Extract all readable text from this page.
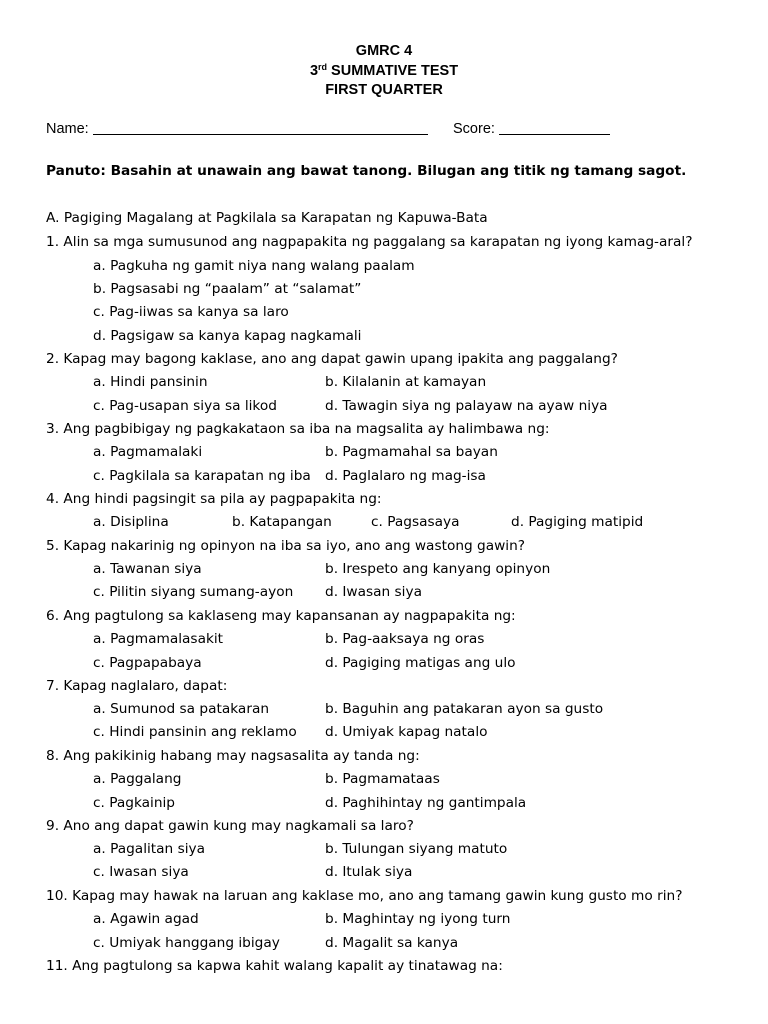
GMRC 4
3rd SUMMATIVE TEST
FIRST QUARTER
Name:	Score:
Panuto: Basahin at unawain ang bawat tanong. Bilugan ang titik ng tamang sagot.
A. Pagiging Magalang at Pagkilala sa Karapatan ng Kapuwa-Bata
1. Alin sa mga sumusunod ang nagpapakita ng paggalang sa karapatan ng iyong kamag-aral?
a. Pagkuha ng gamit niya nang walang paalam
b. Pagsasabi ng “paalam” at “salamat”
c. Pag-iiwas sa kanya sa laro
d. Pagsigaw sa kanya kapag nagkamali
2. Kapag may bagong kaklase, ano ang dapat gawin upang ipakita ang paggalang?
a. Hindi pansinin	b. Kilalanin at kamayan
c. Pag-usapan siya sa likod	d. Tawagin siya ng palayaw na ayaw niya
3. Ang pagbibigay ng pagkakataon sa iba na magsalita ay halimbawa ng:
a. Pagmamalaki	b. Pagmamahal sa bayan
c. Pagkilala sa karapatan ng iba d. Paglalaro ng mag-isa
4. Ang hindi pagsingit sa pila ay pagpapakita ng:
a. Disiplina	b. Katapangan	c. Pagsasaya	d. Pagiging matipid
5. Kapag nakarinig ng opinyon na iba sa iyo, ano ang wastong gawin?
a. Tawanan siya	b. Irespeto ang kanyang opinyon
c. Pilitin siyang sumang-ayon d. Iwasan siya
6. Ang pagtulong sa kaklaseng may kapansanan ay nagpapakita ng:
a. Pagmamalasakit	b. Pag-aaksaya ng oras
c. Pagpapabaya	d. Pagiging matigas ang ulo
7. Kapag naglalaro, dapat:
a. Sumunod sa patakaran	b. Baguhin ang patakaran ayon sa gusto
c. Hindi pansinin ang reklamo d. Umiyak kapag natalo
8. Ang pakikinig habang may nagsasalita ay tanda ng:
a. Paggalang	b. Pagmamataas
c. Pagkainip	d. Paghihintay ng gantimpala
9. Ano ang dapat gawin kung may nagkamali sa laro?
a. Pagalitan siya	b. Tulungan siyang matuto
c. Iwasan siya	d. Itulak siya
10. Kapag may hawak na laruan ang kaklase mo, ano ang tamang gawin kung gusto mo rin?
a. Agawin agad	b. Maghintay ng iyong turn
c. Umiyak hanggang ibigay	d. Magalit sa kanya
11. Ang pagtulong sa kapwa kahit walang kapalit ay tinatawag na:
